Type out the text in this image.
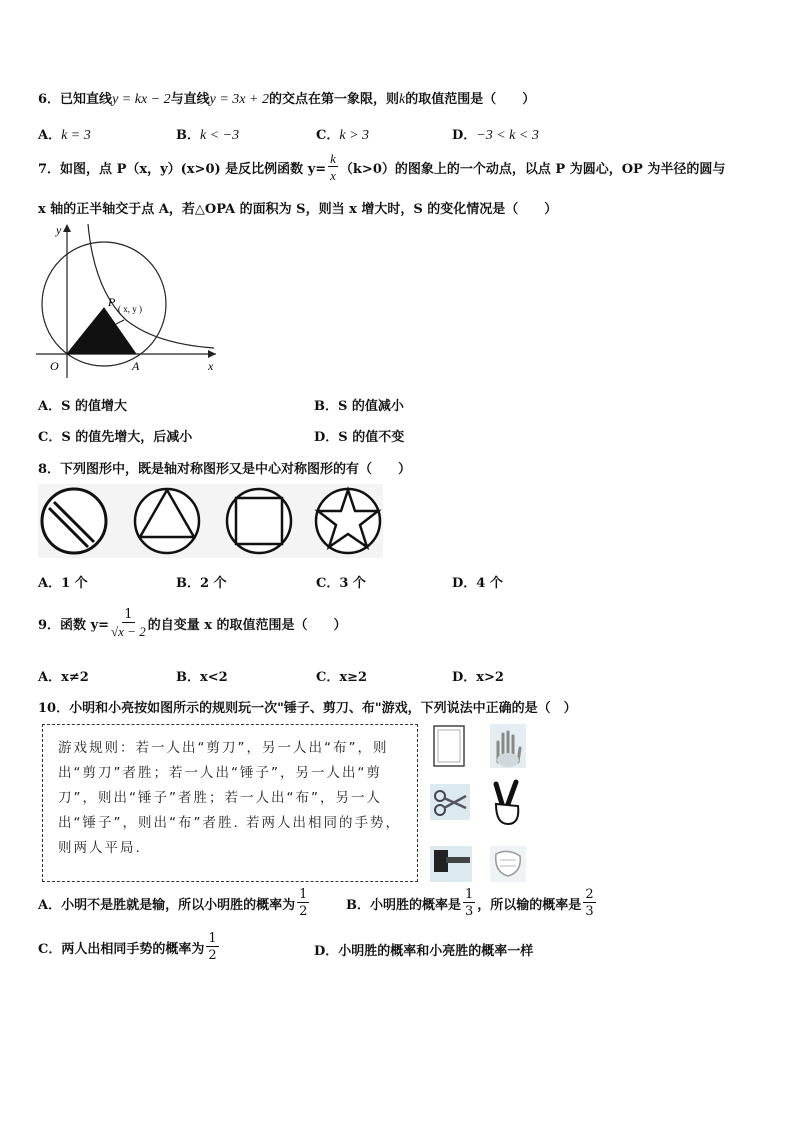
6．已知直线y = kx − 2与直线y = 3x + 2的交点在第一象限，则k的取值范围是（　　）
A．k = 3	B．k < −3	C．k > 3	D．−3 < k < 3
7．如图，点 P（x，y）(x>0) 是反比例函数 $y= \frac{k}{x} (k>0)$的图象上的一个动点，以点 P 为圆心，OP 为半径的圆与
x 轴的正半轴交于点 A，若△OPA 的面积为 S，则当 x 增大时，S 的变化情况是（　　）
O	A	x
y
P ( x, y )
A．S 的值增大	B．S 的值减小
C．S 的值先增大，后减小	D．S 的值不变
8．下列图形中，既是轴对称图形又是中心对称图形的有（　　）
A．1 个	B．2 个	C．3 个	D．4 个
9．函数 $y= \frac{1}{√x - 2}$ 的自变量 x 的取值范围是（　　）
A．x≠2	B．x<2	C．x≥2	D．x>2
10．小明和小亮按如图所示的规则玩一次"锤子、剪刀、布"游戏，下列说法中正确的是（　）
游戏规则：若一人出“剪刀”，另一人出“布”，则出“剪刀”者胜；若一人出“锤子”，另一人出“剪刀”，则出“锤子”者胜；若一人出“布”，另一人出“锤子”，则出“布”者胜. 若两人出相同的手势，则两人平局.
A． 小明不是胜就是输，所以小明胜的概率为 $\frac{1}{2}$	B． 小明胜的概率是 $\frac{1}{3}$ ，所以输的概率是 $\frac{2}{3}$
C． 两人出相同手势的概率为 $\frac{1}{2}$	D．小明胜的概率和小亮胜的概率一样
